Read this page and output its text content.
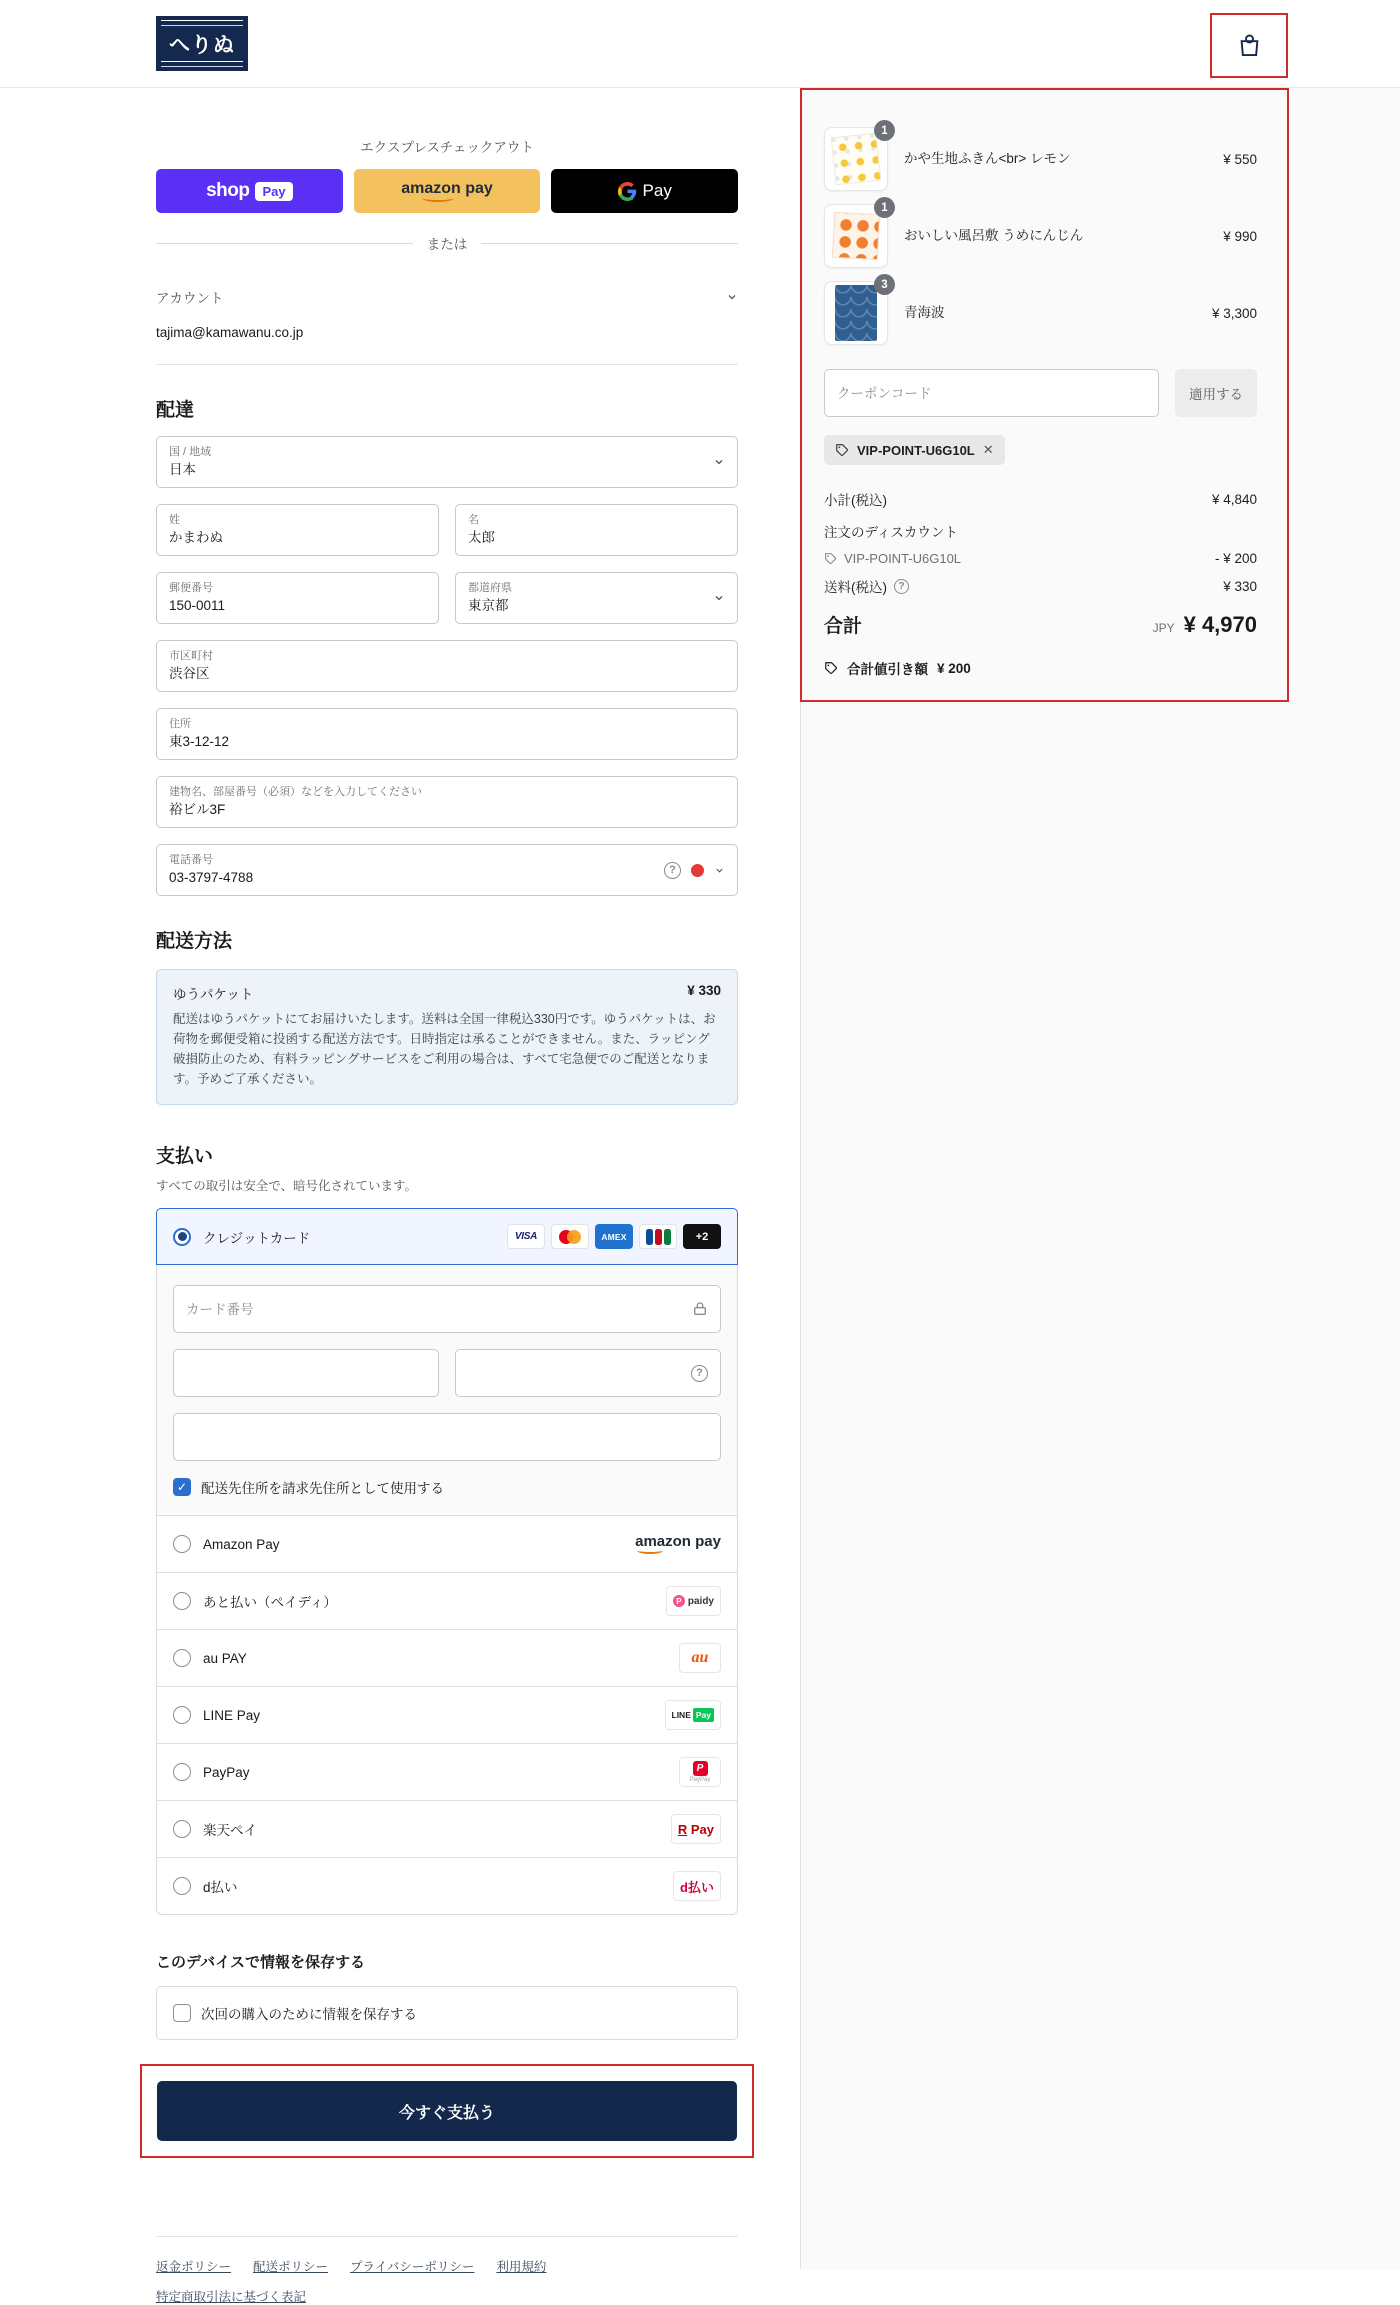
へりぬ
エクスプレスチェックアウト
shop	Pay	amazon pay	Pay
または
アカウント
tajima@kamawanu.co.jp
配達
国 / 地域
日本
姓
かまわぬ
名
太郎
郵便番号
150-0011
都道府県
東京都
市区町村
渋谷区
住所
東3-12-12
建物名、部屋番号（必須）などを入力してください
裕ビル3F
電話番号
03-3797-4788	?
配送方法
ゆうパケット	¥ 330
配送はゆうパケットにてお届けいたします。送料は全国一律税込330円です。ゆうパケットは、お荷物を郵便受箱に投函する配送方法です。日時指定は承ることができません。また、ラッピング破損防止のため、有料ラッピングサービスをご利用の場合は、すべて宅急便でのご配送となります。予めご了承ください。
支払い
すべての取引は安全で、暗号化されています。
クレジットカード	VISA	AMEX	+2
カード番号
?
✓ 配送先住所を請求先住所として使用する
Amazon Pay	amazon pay
あと払い（ペイディ）	P paidy
au PAY	au
LINE Pay	LINE Pay
PayPay	P
PayPay
楽天ペイ	R Pay
d払い	d払い
このデバイスで情報を保存する
次回の購入のために情報を保存する
今すぐ支払う
返金ポリシー 配送ポリシー プライバシーポリシー 利用規約
特定商取引法に基づく表記
1
かや生地ふきん<br> レモン	¥ 550
1
おいしい風呂敷 うめにんじん	¥ 990
3
青海波	¥ 3,300
クーポンコード
適用する
VIP-POINT-U6G10L ✕
小計(税込)	¥ 4,840
注文のディスカウント
VIP-POINT-U6G10L	- ¥ 200
送料(税込)	?	¥ 330
合計	JPY ¥ 4,970
合計値引き額 ¥ 200
